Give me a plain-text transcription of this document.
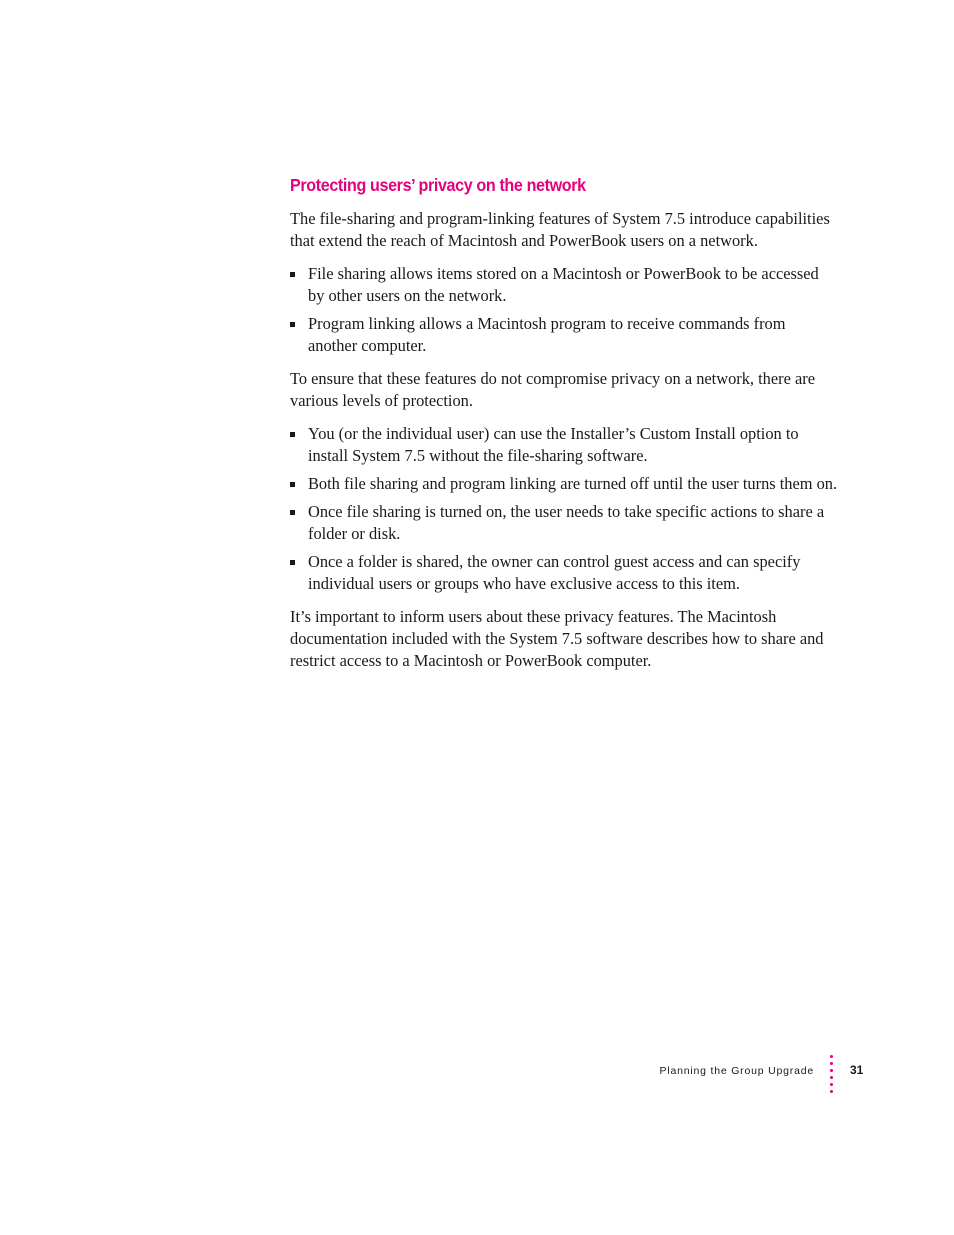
Protecting users’ privacy on the network

The file-sharing and program-linking features of System 7.5 introduce capabilities that extend the reach of Macintosh and PowerBook users on a network.

File sharing allows items stored on a Macintosh or PowerBook to be accessed by other users on the network.
Program linking allows a Macintosh program to receive commands from another computer.

To ensure that these features do not compromise privacy on a network, there are various levels of protection.

You (or the individual user) can use the Installer’s Custom Install option to install System 7.5 without the file-sharing software.
Both file sharing and program linking are turned off until the user turns them on.
Once file sharing is turned on, the user needs to take specific actions to share a folder or disk.
Once a folder is shared, the owner can control guest access and can specify individual users or groups who have exclusive access to this item.

It’s important to inform users about these privacy features. The Macintosh documentation included with the System 7.5 software describes how to share and restrict access to a Macintosh or PowerBook computer.

Planning the Group Upgrade	31
